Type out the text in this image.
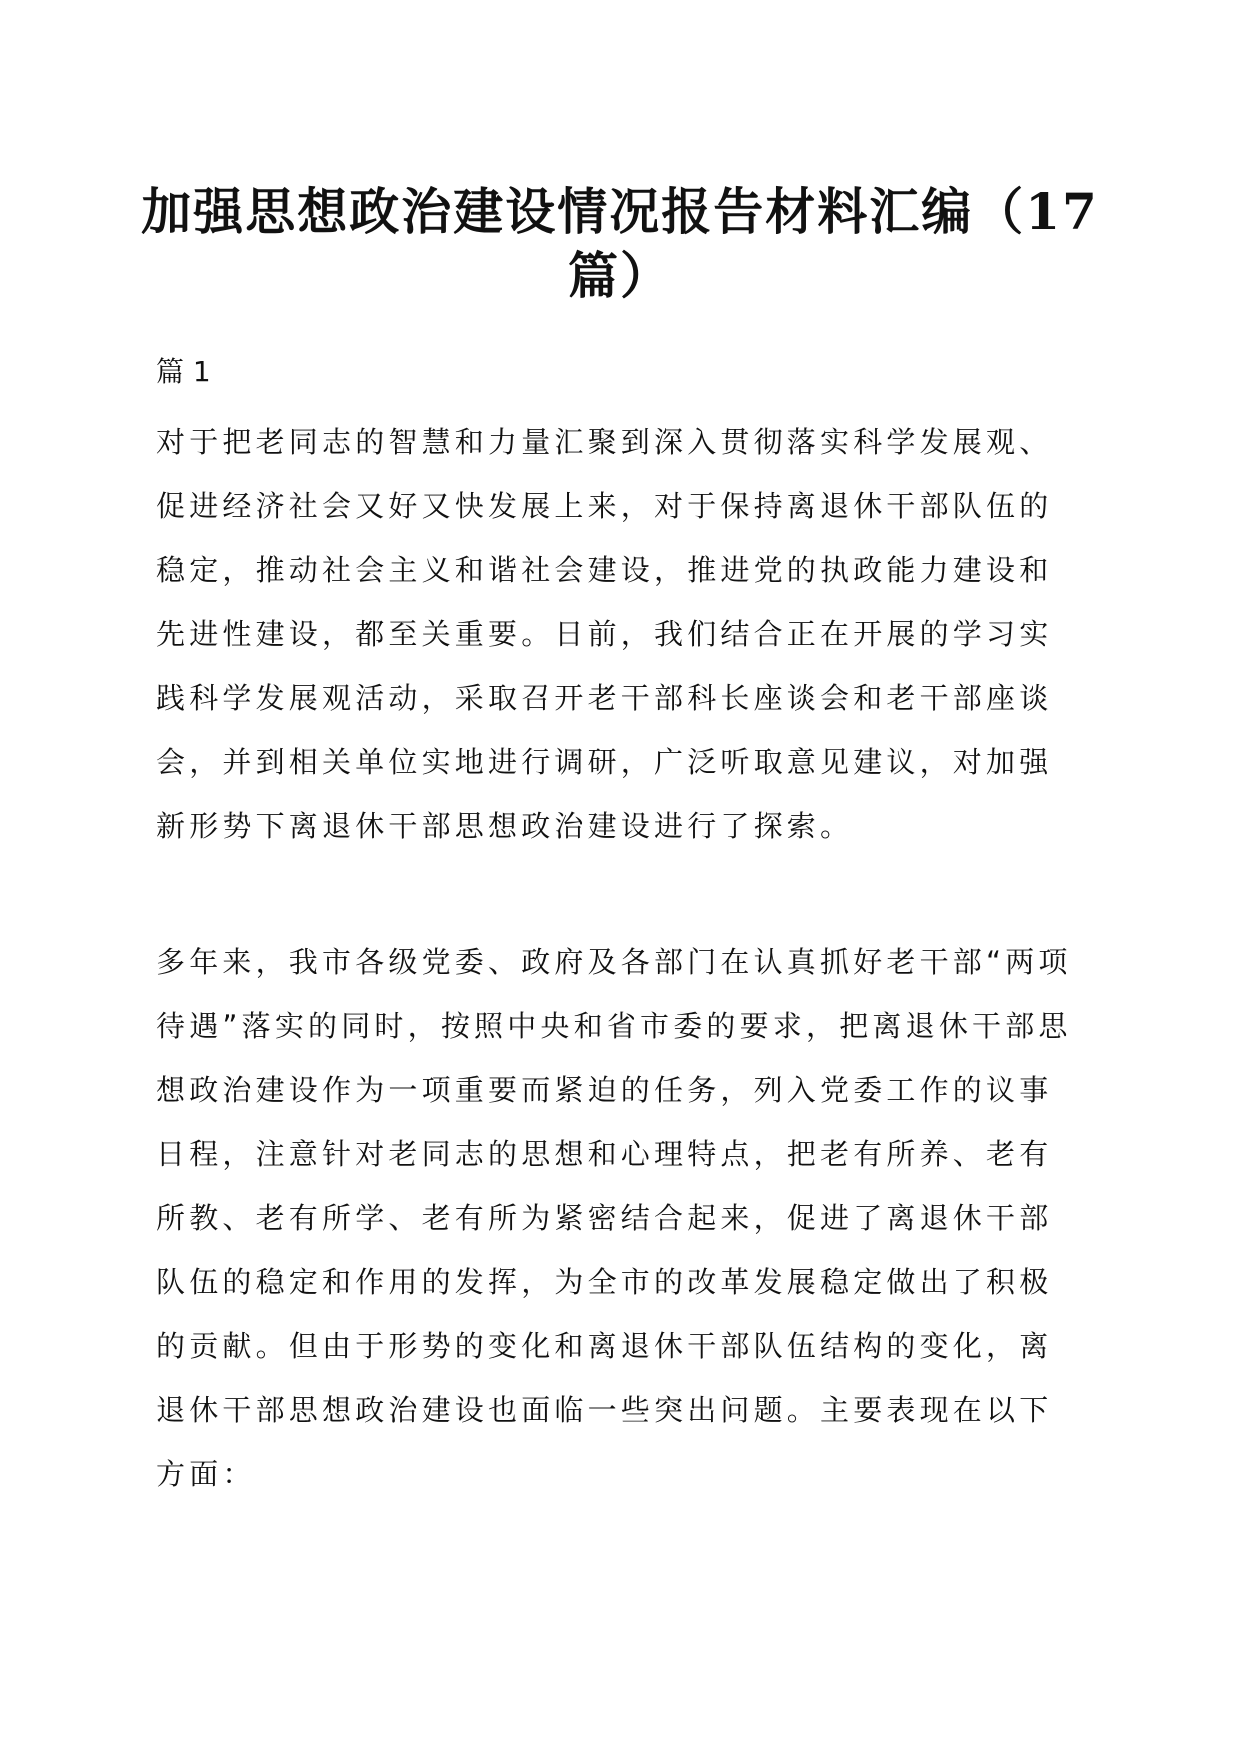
加强思想政治建设情况报告材料汇编（17篇）

篇 1

对于把老同志的智慧和力量汇聚到深入贯彻落实科学发展观、促进经济社会又好又快发展上来，对于保持离退休干部队伍的稳定，推动社会主义和谐社会建设，推进党的执政能力建设和先进性建设，都至关重要。日前，我们结合正在开展的学习实践科学发展观活动，采取召开老干部科长座谈会和老干部座谈会，并到相关单位实地进行调研，广泛听取意见建议，对加强新形势下离退休干部思想政治建设进行了探索。

多年来，我市各级党委、政府及各部门在认真抓好老干部“两项待遇”落实的同时，按照中央和省市委的要求，把离退休干部思想政治建设作为一项重要而紧迫的任务，列入党委工作的议事日程，注意针对老同志的思想和心理特点，把老有所养、老有所教、老有所学、老有所为紧密结合起来，促进了离退休干部队伍的稳定和作用的发挥，为全市的改革发展稳定做出了积极的贡献。但由于形势的变化和离退休干部队伍结构的变化，离退休干部思想政治建设也面临一些突出问题。主要表现在以下方面：
